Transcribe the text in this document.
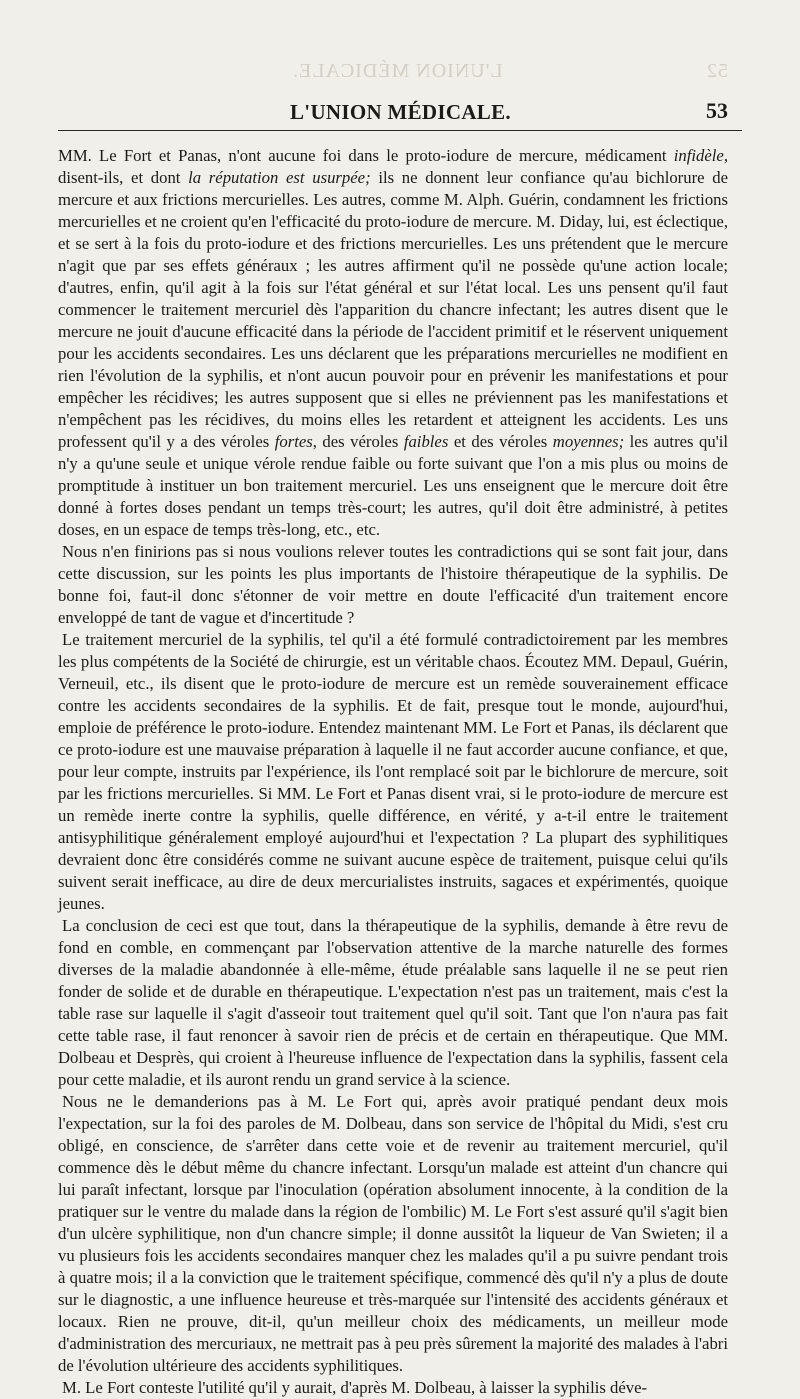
L'UNION MÉDICALE.	52
L'UNION MÉDICALE.	53

MM. Le Fort et Panas, n'ont aucune foi dans le proto-iodure de mercure, médicament infidèle, disent-ils, et dont la réputation est usurpée; ils ne donnent leur confiance qu'au bichlorure de mercure et aux frictions mercurielles. Les autres, comme M. Alph. Guérin, condamnent les frictions mercurielles et ne croient qu'en l'efficacité du proto-iodure de mercure. M. Diday, lui, est éclectique, et se sert à la fois du proto-iodure et des frictions mercurielles. Les uns prétendent que le mercure n'agit que par ses effets généraux ; les autres affirment qu'il ne possède qu'une action locale; d'autres, enfin, qu'il agit à la fois sur l'état général et sur l'état local. Les uns pensent qu'il faut commencer le traitement mercuriel dès l'apparition du chancre infectant; les autres disent que le mercure ne jouit d'aucune efficacité dans la période de l'accident primitif et le réservent uniquement pour les accidents secondaires. Les uns déclarent que les préparations mercurielles ne modifient en rien l'évolution de la syphilis, et n'ont aucun pouvoir pour en prévenir les manifestations et pour empêcher les récidives; les autres supposent que si elles ne préviennent pas les manifestations et n'empêchent pas les récidives, du moins elles les retardent et atteignent les accidents. Les uns professent qu'il y a des véroles fortes, des véroles faibles et des véroles moyennes; les autres qu'il n'y a qu'une seule et unique vérole rendue faible ou forte suivant que l'on a mis plus ou moins de promptitude à instituer un bon traitement mercuriel. Les uns enseignent que le mercure doit être donné à fortes doses pendant un temps très-court; les autres, qu'il doit être administré, à petites doses, en un espace de temps très-long, etc., etc.

Nous n'en finirions pas si nous voulions relever toutes les contradictions qui se sont fait jour, dans cette discussion, sur les points les plus importants de l'histoire thérapeutique de la syphilis. De bonne foi, faut-il donc s'étonner de voir mettre en doute l'efficacité d'un traitement encore enveloppé de tant de vague et d'incertitude ?

Le traitement mercuriel de la syphilis, tel qu'il a été formulé contradictoirement par les membres les plus compétents de la Société de chirurgie, est un véritable chaos. Écoutez MM. Depaul, Guérin, Verneuil, etc., ils disent que le proto-iodure de mercure est un remède souverainement efficace contre les accidents secondaires de la syphilis. Et de fait, presque tout le monde, aujourd'hui, emploie de préférence le proto-iodure. Entendez maintenant MM. Le Fort et Panas, ils déclarent que ce proto-iodure est une mauvaise préparation à laquelle il ne faut accorder aucune confiance, et que, pour leur compte, instruits par l'expérience, ils l'ont remplacé soit par le bichlorure de mercure, soit par les frictions mercurielles. Si MM. Le Fort et Panas disent vrai, si le proto-iodure de mercure est un remède inerte contre la syphilis, quelle différence, en vérité, y a-t-il entre le traitement antisyphilitique généralement employé aujourd'hui et l'expectation ? La plupart des syphilitiques devraient donc être considérés comme ne suivant aucune espèce de traitement, puisque celui qu'ils suivent serait inefficace, au dire de deux mercurialistes instruits, sagaces et expérimentés, quoique jeunes.

La conclusion de ceci est que tout, dans la thérapeutique de la syphilis, demande à être revu de fond en comble, en commençant par l'observation attentive de la marche naturelle des formes diverses de la maladie abandonnée à elle-même, étude préalable sans laquelle il ne se peut rien fonder de solide et de durable en thérapeutique. L'expectation n'est pas un traitement, mais c'est la table rase sur laquelle il s'agit d'asseoir tout traitement quel qu'il soit. Tant que l'on n'aura pas fait cette table rase, il faut renoncer à savoir rien de précis et de certain en thérapeutique. Que MM. Dolbeau et Desprès, qui croient à l'heureuse influence de l'expectation dans la syphilis, fassent cela pour cette maladie, et ils auront rendu un grand service à la science.

Nous ne le demanderions pas à M. Le Fort qui, après avoir pratiqué pendant deux mois l'expectation, sur la foi des paroles de M. Dolbeau, dans son service de l'hôpital du Midi, s'est cru obligé, en conscience, de s'arrêter dans cette voie et de revenir au traitement mercuriel, qu'il commence dès le début même du chancre infectant. Lorsqu'un malade est atteint d'un chancre qui lui paraît infectant, lorsque par l'inoculation (opération absolument innocente, à la condition de la pratiquer sur le ventre du malade dans la région de l'ombilic) M. Le Fort s'est assuré qu'il s'agit bien d'un ulcère syphilitique, non d'un chancre simple; il donne aussitôt la liqueur de Van Swieten; il a vu plusieurs fois les accidents secondaires manquer chez les malades qu'il a pu suivre pendant trois à quatre mois; il a la conviction que le traitement spécifique, commencé dès qu'il n'y a plus de doute sur le diagnostic, a une influence heureuse et très-marquée sur l'intensité des accidents généraux et locaux. Rien ne prouve, dit-il, qu'un meilleur choix des médicaments, un meilleur mode d'administration des mercuriaux, ne mettrait pas à peu près sûrement la majorité des malades à l'abri de l'évolution ultérieure des accidents syphilitiques.

M. Le Fort conteste l'utilité qu'il y aurait, d'après M. Dolbeau, à laisser la syphilis déve-
